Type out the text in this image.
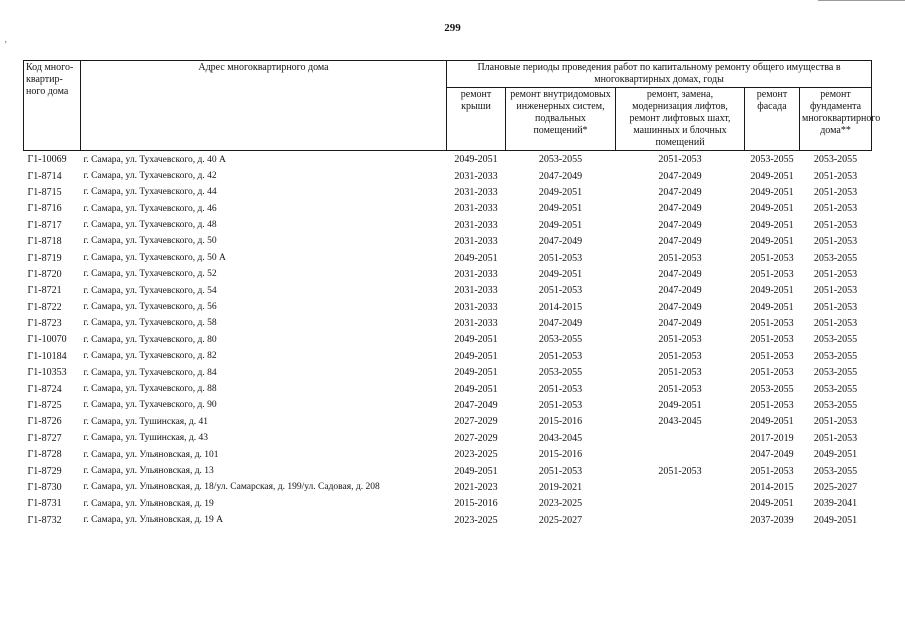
‚
299
Код много-квартир-ного дома	Адрес многоквартирного дома	Плановые периоды проведения работ по капитальному ремонту общего имущества в многоквартирных домах, годы				
		ремонт крыши	ремонт внутридомовых инженерных систем, подвальных помещений*	ремонт, замена, модернизация лифтов, ремонт лифтовых шахт, машинных и блочных помещений	ремонт фасада	ремонт фундамента многоквартирного дома**
Г1-10069	г. Самара, ул. Тухачевского, д. 40 А	2049-2051	2053-2055	2051-2053	2053-2055	2053-2055
Г1-8714	г. Самара, ул. Тухачевского, д. 42	2031-2033	2047-2049	2047-2049	2049-2051	2051-2053
Г1-8715	г. Самара, ул. Тухачевского, д. 44	2031-2033	2049-2051	2047-2049	2049-2051	2051-2053
Г1-8716	г. Самара, ул. Тухачевского, д. 46	2031-2033	2049-2051	2047-2049	2049-2051	2051-2053
Г1-8717	г. Самара, ул. Тухачевского, д. 48	2031-2033	2049-2051	2047-2049	2049-2051	2051-2053
Г1-8718	г. Самара, ул. Тухачевского, д. 50	2031-2033	2047-2049	2047-2049	2049-2051	2051-2053
Г1-8719	г. Самара, ул. Тухачевского, д. 50 А	2049-2051	2051-2053	2051-2053	2051-2053	2053-2055
Г1-8720	г. Самара, ул. Тухачевского, д. 52	2031-2033	2049-2051	2047-2049	2051-2053	2051-2053
Г1-8721	г. Самара, ул. Тухачевского, д. 54	2031-2033	2051-2053	2047-2049	2049-2051	2051-2053
Г1-8722	г. Самара, ул. Тухачевского, д. 56	2031-2033	2014-2015	2047-2049	2049-2051	2051-2053
Г1-8723	г. Самара, ул. Тухачевского, д. 58	2031-2033	2047-2049	2047-2049	2051-2053	2051-2053
Г1-10070	г. Самара, ул. Тухачевского, д. 80	2049-2051	2053-2055	2051-2053	2051-2053	2053-2055
Г1-10184	г. Самара, ул. Тухачевского, д. 82	2049-2051	2051-2053	2051-2053	2051-2053	2053-2055
Г1-10353	г. Самара, ул. Тухачевского, д. 84	2049-2051	2053-2055	2051-2053	2051-2053	2053-2055
Г1-8724	г. Самара, ул. Тухачевского, д. 88	2049-2051	2051-2053	2051-2053	2053-2055	2053-2055
Г1-8725	г. Самара, ул. Тухачевского, д. 90	2047-2049	2051-2053	2049-2051	2051-2053	2053-2055
Г1-8726	г. Самара, ул. Тушинская, д. 41	2027-2029	2015-2016	2043-2045	2049-2051	2051-2053
Г1-8727	г. Самара, ул. Тушинская, д. 43	2027-2029	2043-2045		2017-2019	2051-2053
Г1-8728	г. Самара, ул. Ульяновская, д. 101	2023-2025	2015-2016		2047-2049	2049-2051
Г1-8729	г. Самара, ул. Ульяновская, д. 13	2049-2051	2051-2053	2051-2053	2051-2053	2053-2055
Г1-8730	г. Самара, ул. Ульяновская, д. 18/ул. Самарская, д. 199/ул. Садовая, д. 208	2021-2023	2019-2021		2014-2015	2025-2027
Г1-8731	г. Самара, ул. Ульяновская, д. 19	2015-2016	2023-2025		2049-2051	2039-2041
Г1-8732	г. Самара, ул. Ульяновская, д. 19 А	2023-2025	2025-2027		2037-2039	2049-2051
